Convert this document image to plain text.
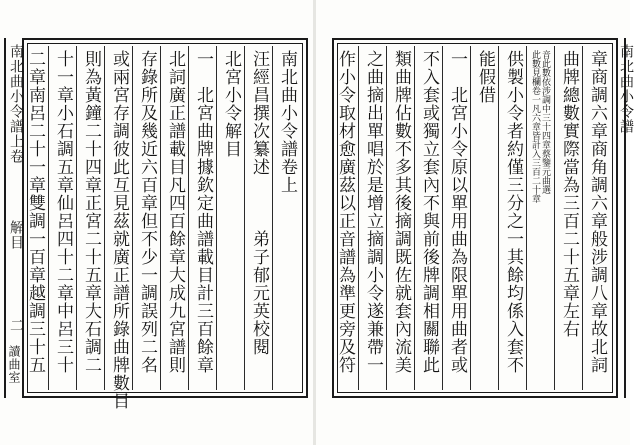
南北曲小令譜卷上
汪經昌撰次纂述　　　弟子郁元英校閱
北宮小令解目
一　北宮曲牌據欽定曲譜載目計三百餘章
北詞廣正譜載目凡四百餘章大成九宮譜則
存錄所及幾近六百章但不少一調誤列二名
或兩宮存調彼此互見茲就廣正譜所錄曲牌數目
則為黃鐘二十四章正宮二十五章大石調二
十一章小石調五章仙呂四十二章中呂三十
二章南呂二十一章雙調一百章越調三十五
南北曲小令譜上卷
解目
二
讀曲室	章商調六章商角調六章般涉調八章故北詞
曲牌總數實際當為三百二十五章左右
音此數依涉調中三十四章蔡鑒元曲選
此數見欄卷一凡六章皆計入三百二十章
供製小令者約僅三分之一其餘均係入套不
能假借
一　北宮小令原以單用曲為限單用曲者或
不入套或獨立套內不與前後牌調相關聯此
類曲牌佔數不多其後摘調既佐就套內流美
之曲摘出單唱於是增立摘調小令遂兼帶一
作小令取材愈廣茲以正音譜為準更旁及符	南北曲小令譜
